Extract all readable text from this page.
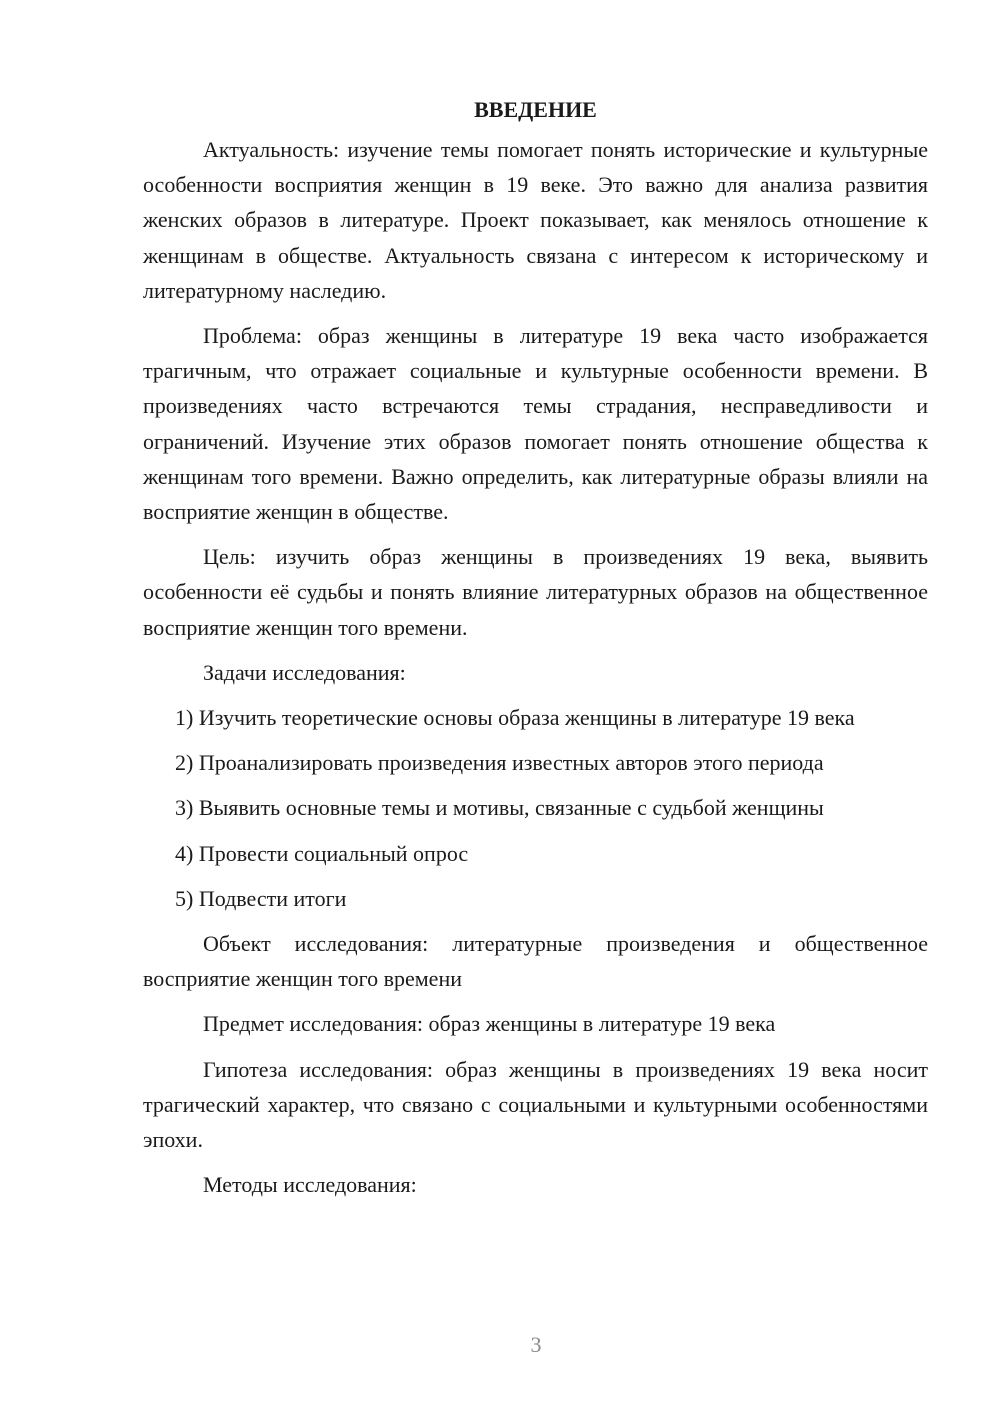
ВВЕДЕНИЕ

Актуальность: изучение темы помогает понять исторические и культурные особенности восприятия женщин в 19 веке. Это важно для анализа развития женских образов в литературе. Проект показывает, как менялось отношение к женщинам в обществе. Актуальность связана с интересом к историческому и литературному наследию.

Проблема: образ женщины в литературе 19 века часто изображается трагичным, что отражает социальные и культурные особенности времени. В произведениях часто встречаются темы страдания, несправедливости и ограничений. Изучение этих образов помогает понять отношение общества к женщинам того времени. Важно определить, как литературные образы влияли на восприятие женщин в обществе.

Цель: изучить образ женщины в произведениях 19 века, выявить особенности её судьбы и понять влияние литературных образов на общественное восприятие женщин того времени.

Задачи исследования:

1) Изучить теоретические основы образа женщины в литературе 19 века

2) Проанализировать произведения известных авторов этого периода

3) Выявить основные темы и мотивы, связанные с судьбой женщины

4) Провести социальный опрос

5) Подвести итоги

Объект исследования: литературные произведения и общественное восприятие женщин того времени

Предмет исследования: образ женщины в литературе 19 века

Гипотеза исследования: образ женщины в произведениях 19 века носит трагический характер, что связано с социальными и культурными особенностями эпохи.

Методы исследования:

3
